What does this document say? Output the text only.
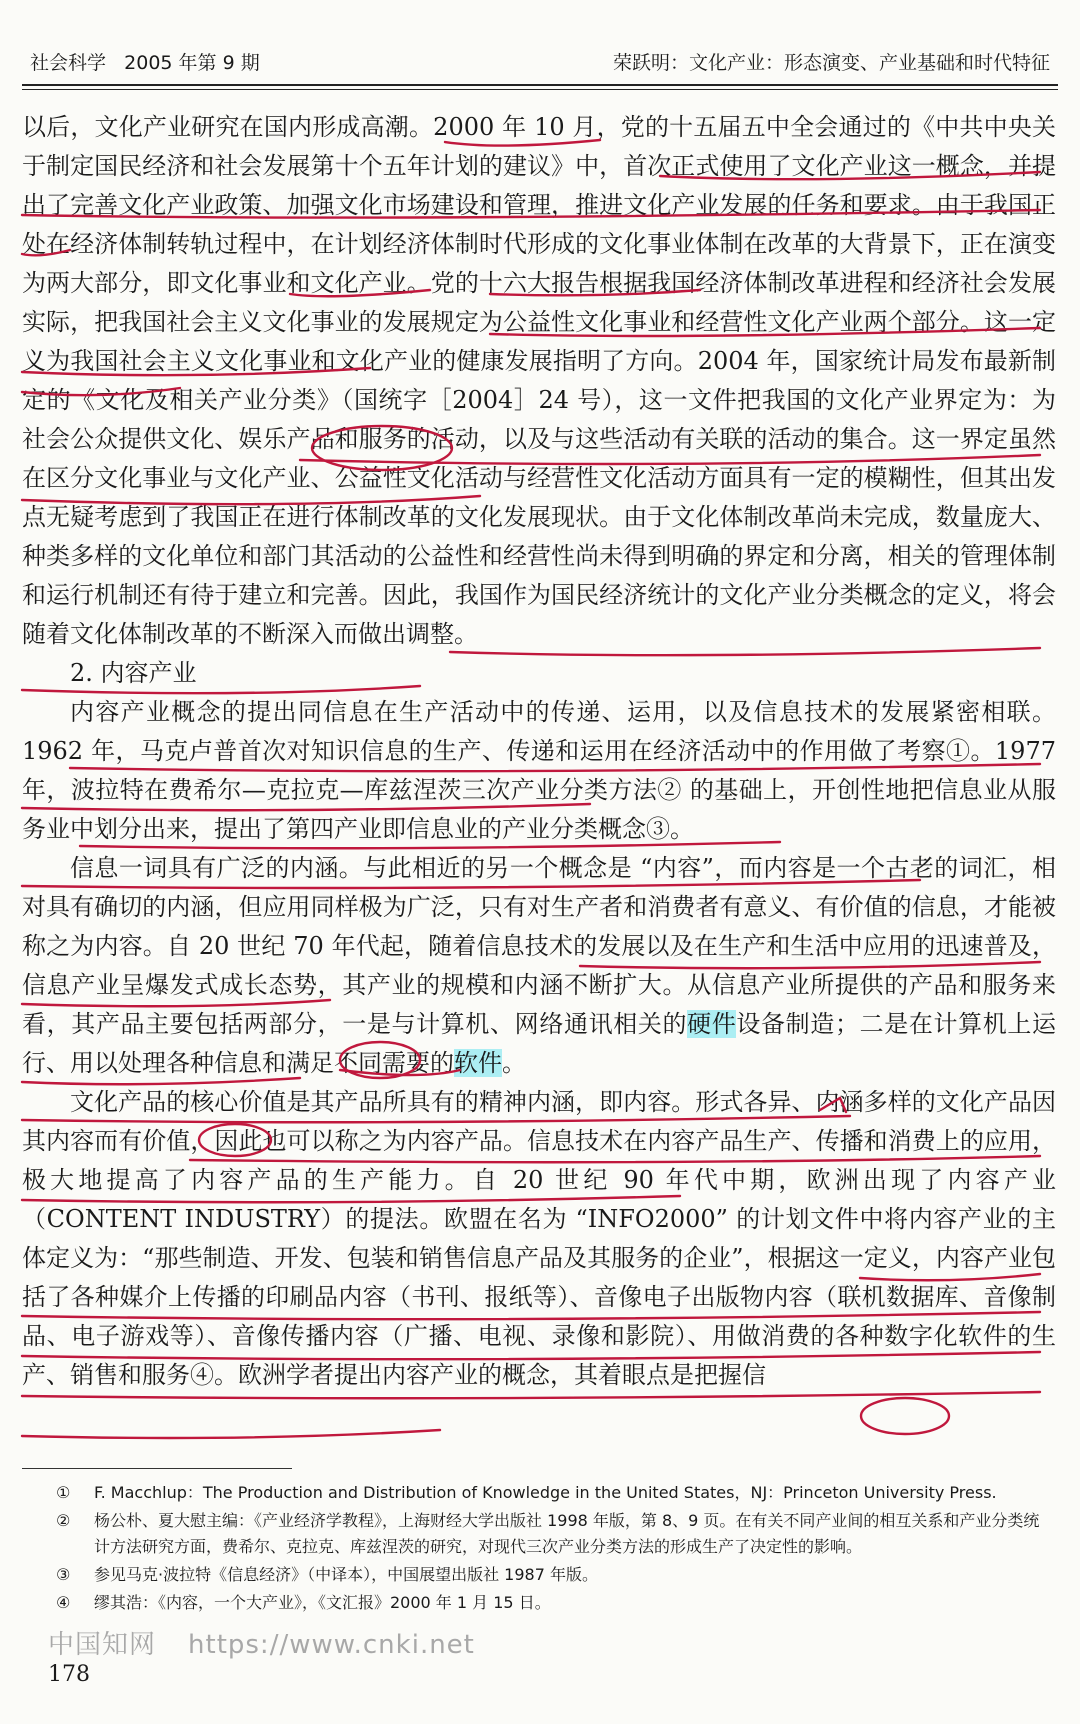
社会科学 2005 年第 9 期	荣跃明：文化产业：形态演变、产业基础和时代特征

以后，文化产业研究在国内形成高潮。2000 年 10 月，党的十五届五中全会通过的《中共中央关于制定国民经济和社会发展第十个五年计划的建议》中，首次正式使用了文化产业这一概念，并提出了完善文化产业政策、加强文化市场建设和管理，推进文化产业发展的任务和要求。由于我国正处在经济体制转轨过程中，在计划经济体制时代形成的文化事业体制在改革的大背景下，正在演变为两大部分，即文化事业和文化产业。党的十六大报告根据我国经济体制改革进程和经济社会发展实际，把我国社会主义文化事业的发展规定为公益性文化事业和经营性文化产业两个部分。这一定义为我国社会主义文化事业和文化产业的健康发展指明了方向。2004 年，国家统计局发布最新制定的《文化及相关产业分类》（国统字［2004］24 号），这一文件把我国的文化产业界定为：为社会公众提供文化、娱乐产品和服务的活动，以及与这些活动有关联的活动的集合。这一界定虽然在区分文化事业与文化产业、公益性文化活动与经营性文化活动方面具有一定的模糊性，但其出发点无疑考虑到了我国正在进行体制改革的文化发展现状。由于文化体制改革尚未完成，数量庞大、种类多样的文化单位和部门其活动的公益性和经营性尚未得到明确的界定和分离，相关的管理体制和运行机制还有待于建立和完善。因此，我国作为国民经济统计的文化产业分类概念的定义，将会随着文化体制改革的不断深入而做出调整。

2. 内容产业

内容产业概念的提出同信息在生产活动中的传递、运用，以及信息技术的发展紧密相联。1962 年，马克卢普首次对知识信息的生产、传递和运用在经济活动中的作用做了考察①。1977 年，波拉特在费希尔—克拉克—库兹涅茨三次产业分类方法② 的基础上，开创性地把信息业从服务业中划分出来，提出了第四产业即信息业的产业分类概念③。

信息一词具有广泛的内涵。与此相近的另一个概念是 “内容”，而内容是一个古老的词汇，相对具有确切的内涵，但应用同样极为广泛，只有对生产者和消费者有意义、有价值的信息，才能被称之为内容。自 20 世纪 70 年代起，随着信息技术的发展以及在生产和生活中应用的迅速普及，信息产业呈爆发式成长态势，其产业的规模和内涵不断扩大。从信息产业所提供的产品和服务来看，其产品主要包括两部分，一是与计算机、网络通讯相关的硬件设备制造；二是在计算机上运行、用以处理各种信息和满足不同需要的软件。

文化产品的核心价值是其产品所具有的精神内涵，即内容。形式各异、内涵多样的文化产品因其内容而有价值，因此也可以称之为内容产品。信息技术在内容产品生产、传播和消费上的应用，极大地提高了内容产品的生产能力。自 20 世纪 90 年代中期，欧洲出现了内容产业（CONTENT INDUSTRY）的提法。欧盟在名为 “INFO2000” 的计划文件中将内容产业的主体定义为：“那些制造、开发、包装和销售信息产品及其服务的企业”，根据这一定义，内容产业包括了各种媒介上传播的印刷品内容（书刊、报纸等）、音像电子出版物内容（联机数据库、音像制品、电子游戏等）、音像传播内容（广播、电视、录像和影院）、用做消费的各种数字化软件的生产、销售和服务④。欧洲学者提出内容产业的概念，其着眼点是把握信

① F. Macchlup：The Production and Distribution of Knowledge in the United States，NJ：Princeton University Press.
② 杨公朴、夏大慰主编：《产业经济学教程》，上海财经大学出版社 1998 年版，第 8、9 页。在有关不同产业间的相互关系和产业分类统计方法研究方面，费希尔、克拉克、库兹涅茨的研究，对现代三次产业分类方法的形成生产了决定性的影响。
③ 参见马克·波拉特《信息经济》（中译本），中国展望出版社 1987 年版。
④ 缪其浩：《内容，一个大产业》，《文汇报》2000 年 1 月 15 日。
中国知网 https://www.cnki.net
178
